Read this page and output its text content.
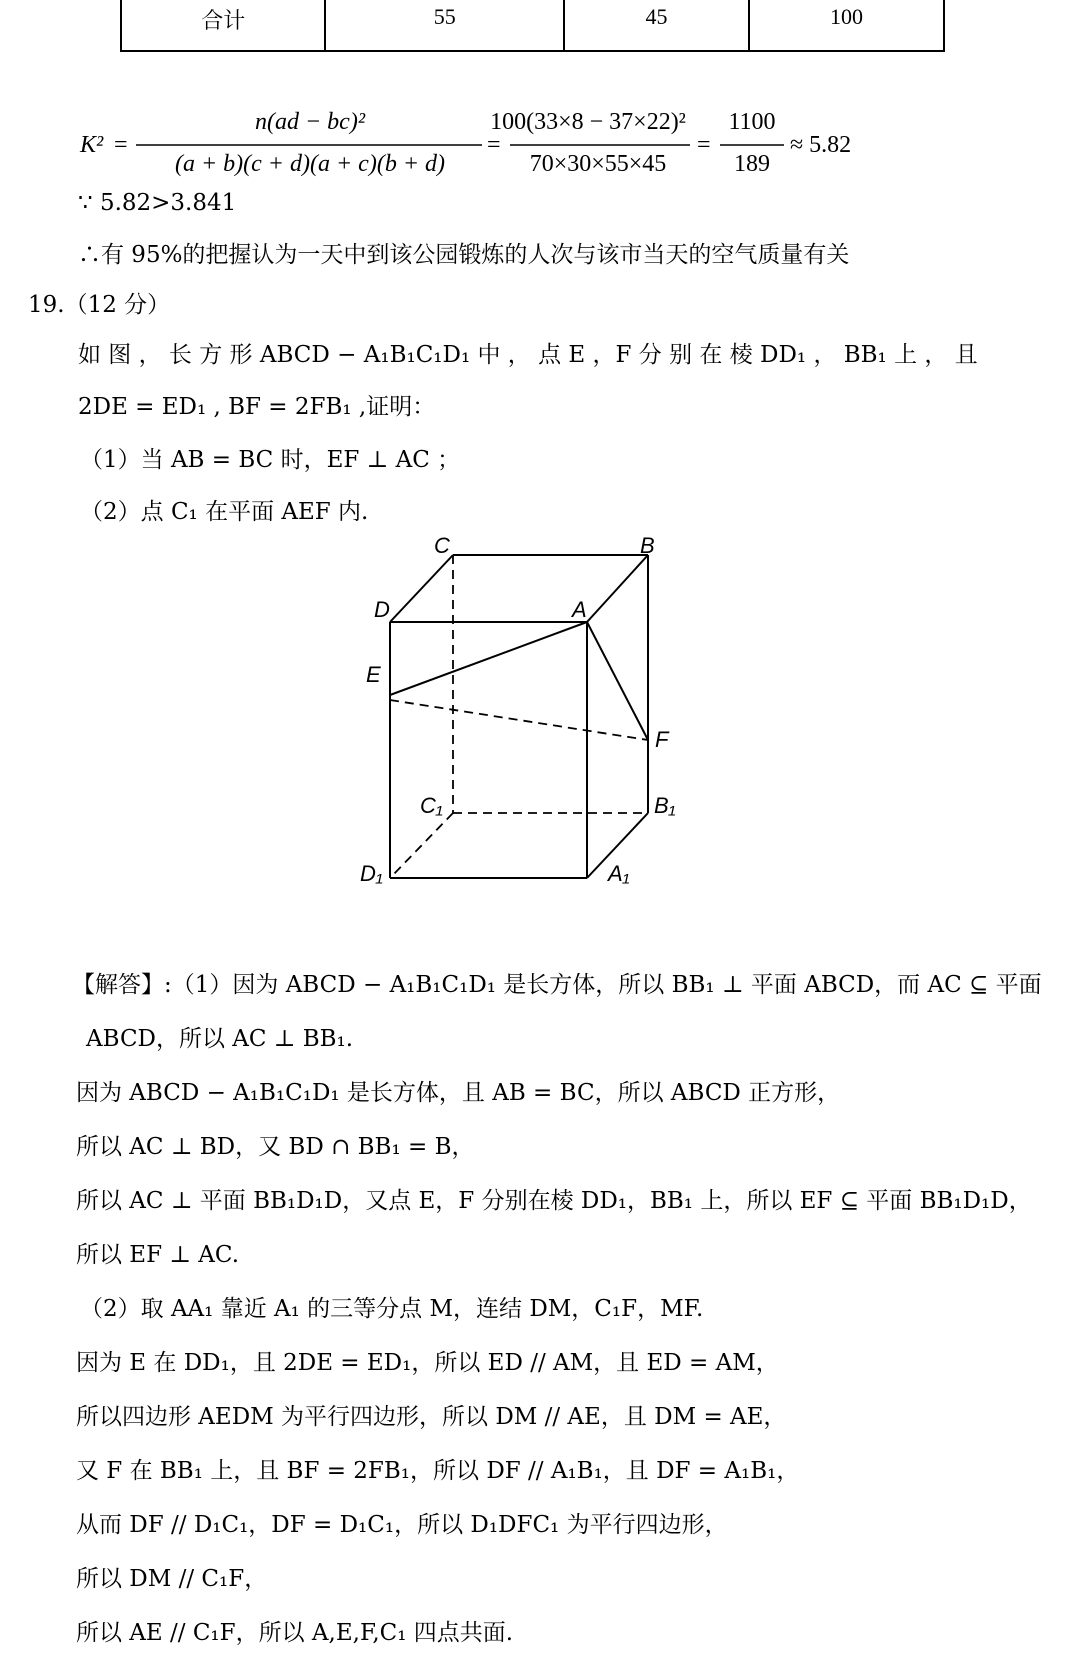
合计	55	45	100
K² =
n(ad − bc)²
(a + b)(c + d)(a + c)(b + d)
=
100(33×8 − 37×22)²
70×30×55×45
=
1100
189
≈ 5.82
∵ 5.82>3.841
∴有 95%的把握认为一天中到该公园锻炼的人次与该市当天的空气质量有关
19.（12 分）
如 图 ， 长 方 形 ABCD − A₁B₁C₁D₁ 中 ， 点 E ，F 分 别 在 棱 DD₁ ， BB₁ 上 ， 且
2DE = ED₁ , BF = 2FB₁ ,证明：
（1）当 AB = BC 时，EF ⊥ AC ；
（2）点 C₁ 在平面 AEF 内.
C	B
D	A
E
F
C₁	B₁
D₁	A₁
【解答】:（1）因为 ABCD − A₁B₁C₁D₁ 是长方体，所以 BB₁ ⊥ 平面 ABCD，而 AC ⊆ 平面
ABCD，所以 AC ⊥ BB₁.
因为 ABCD − A₁B₁C₁D₁ 是长方体，且 AB = BC，所以 ABCD 正方形，
所以 AC ⊥ BD，又 BD ∩ BB₁ = B，
所以 AC ⊥ 平面 BB₁D₁D，又点 E，F 分别在棱 DD₁，BB₁ 上，所以 EF ⊆ 平面 BB₁D₁D，
所以 EF ⊥ AC.
（2）取 AA₁ 靠近 A₁ 的三等分点 M，连结 DM，C₁F，MF.
因为 E 在 DD₁，且 2DE = ED₁，所以 ED // AM，且 ED = AM，
所以四边形 AEDM 为平行四边形，所以 DM // AE，且 DM = AE，
又 F 在 BB₁ 上，且 BF = 2FB₁，所以 DF // A₁B₁，且 DF = A₁B₁，
从而 DF // D₁C₁，DF = D₁C₁，所以 D₁DFC₁ 为平行四边形，
所以 DM // C₁F，
所以 AE // C₁F，所以 A,E,F,C₁ 四点共面.
